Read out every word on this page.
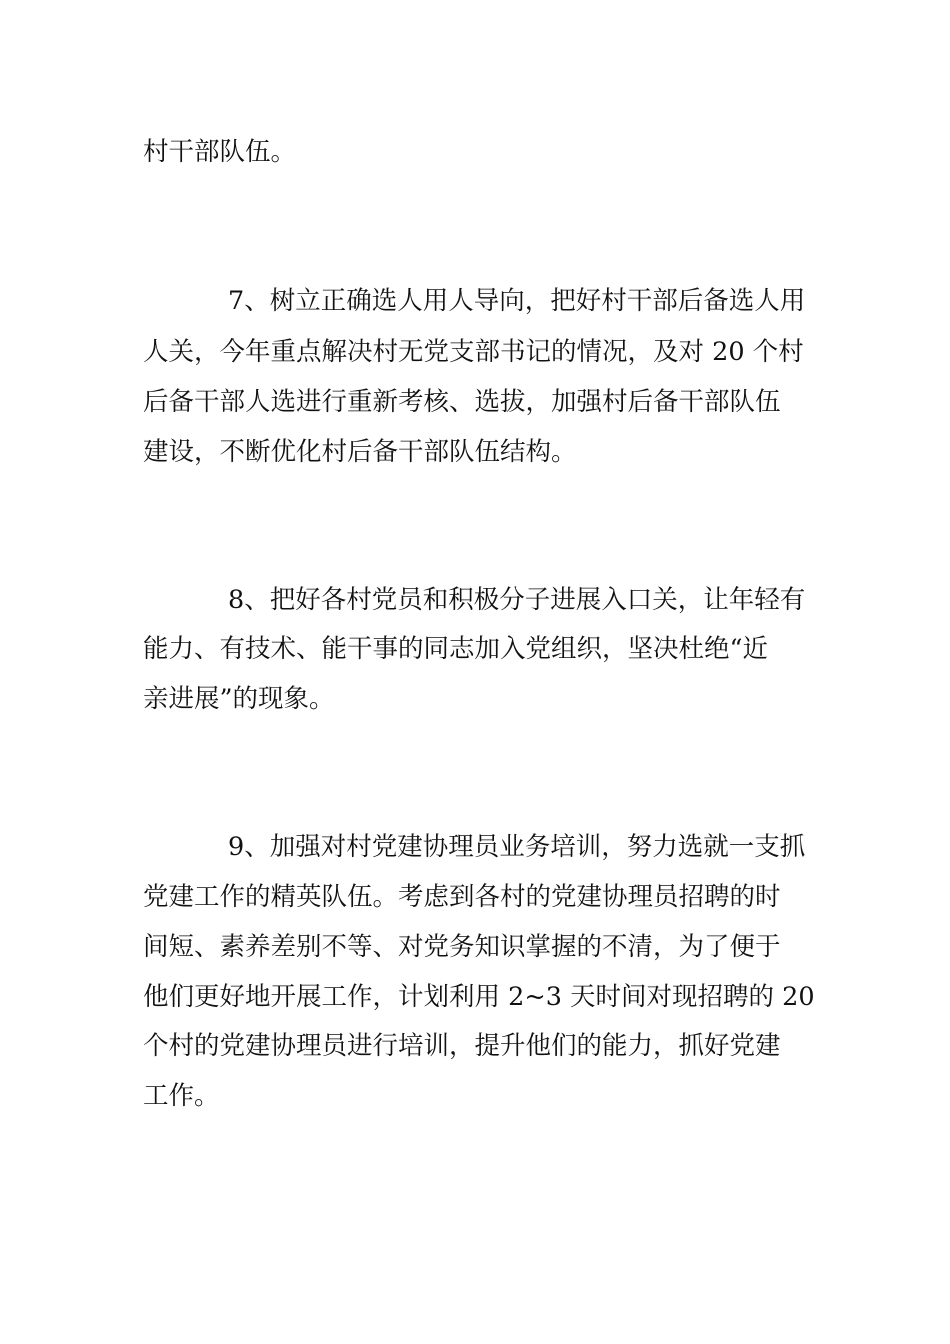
村干部队伍。
7、树立正确选人用人导向，把好村干部后备选人用
人关，今年重点解决村无党支部书记的情况，及对 20 个村
后备干部人选进行重新考核、选拔，加强村后备干部队伍
建设，不断优化村后备干部队伍结构。
8、把好各村党员和积极分子进展入口关，让年轻有
能力、有技术、能干事的同志加入党组织，坚决杜绝“近
亲进展”的现象。
9、加强对村党建协理员业务培训，努力选就一支抓
党建工作的精英队伍。考虑到各村的党建协理员招聘的时
间短、素养差别不等、对党务知识掌握的不清，为了便于
他们更好地开展工作，计划利用 2~3 天时间对现招聘的 20
个村的党建协理员进行培训，提升他们的能力，抓好党建
工作。
